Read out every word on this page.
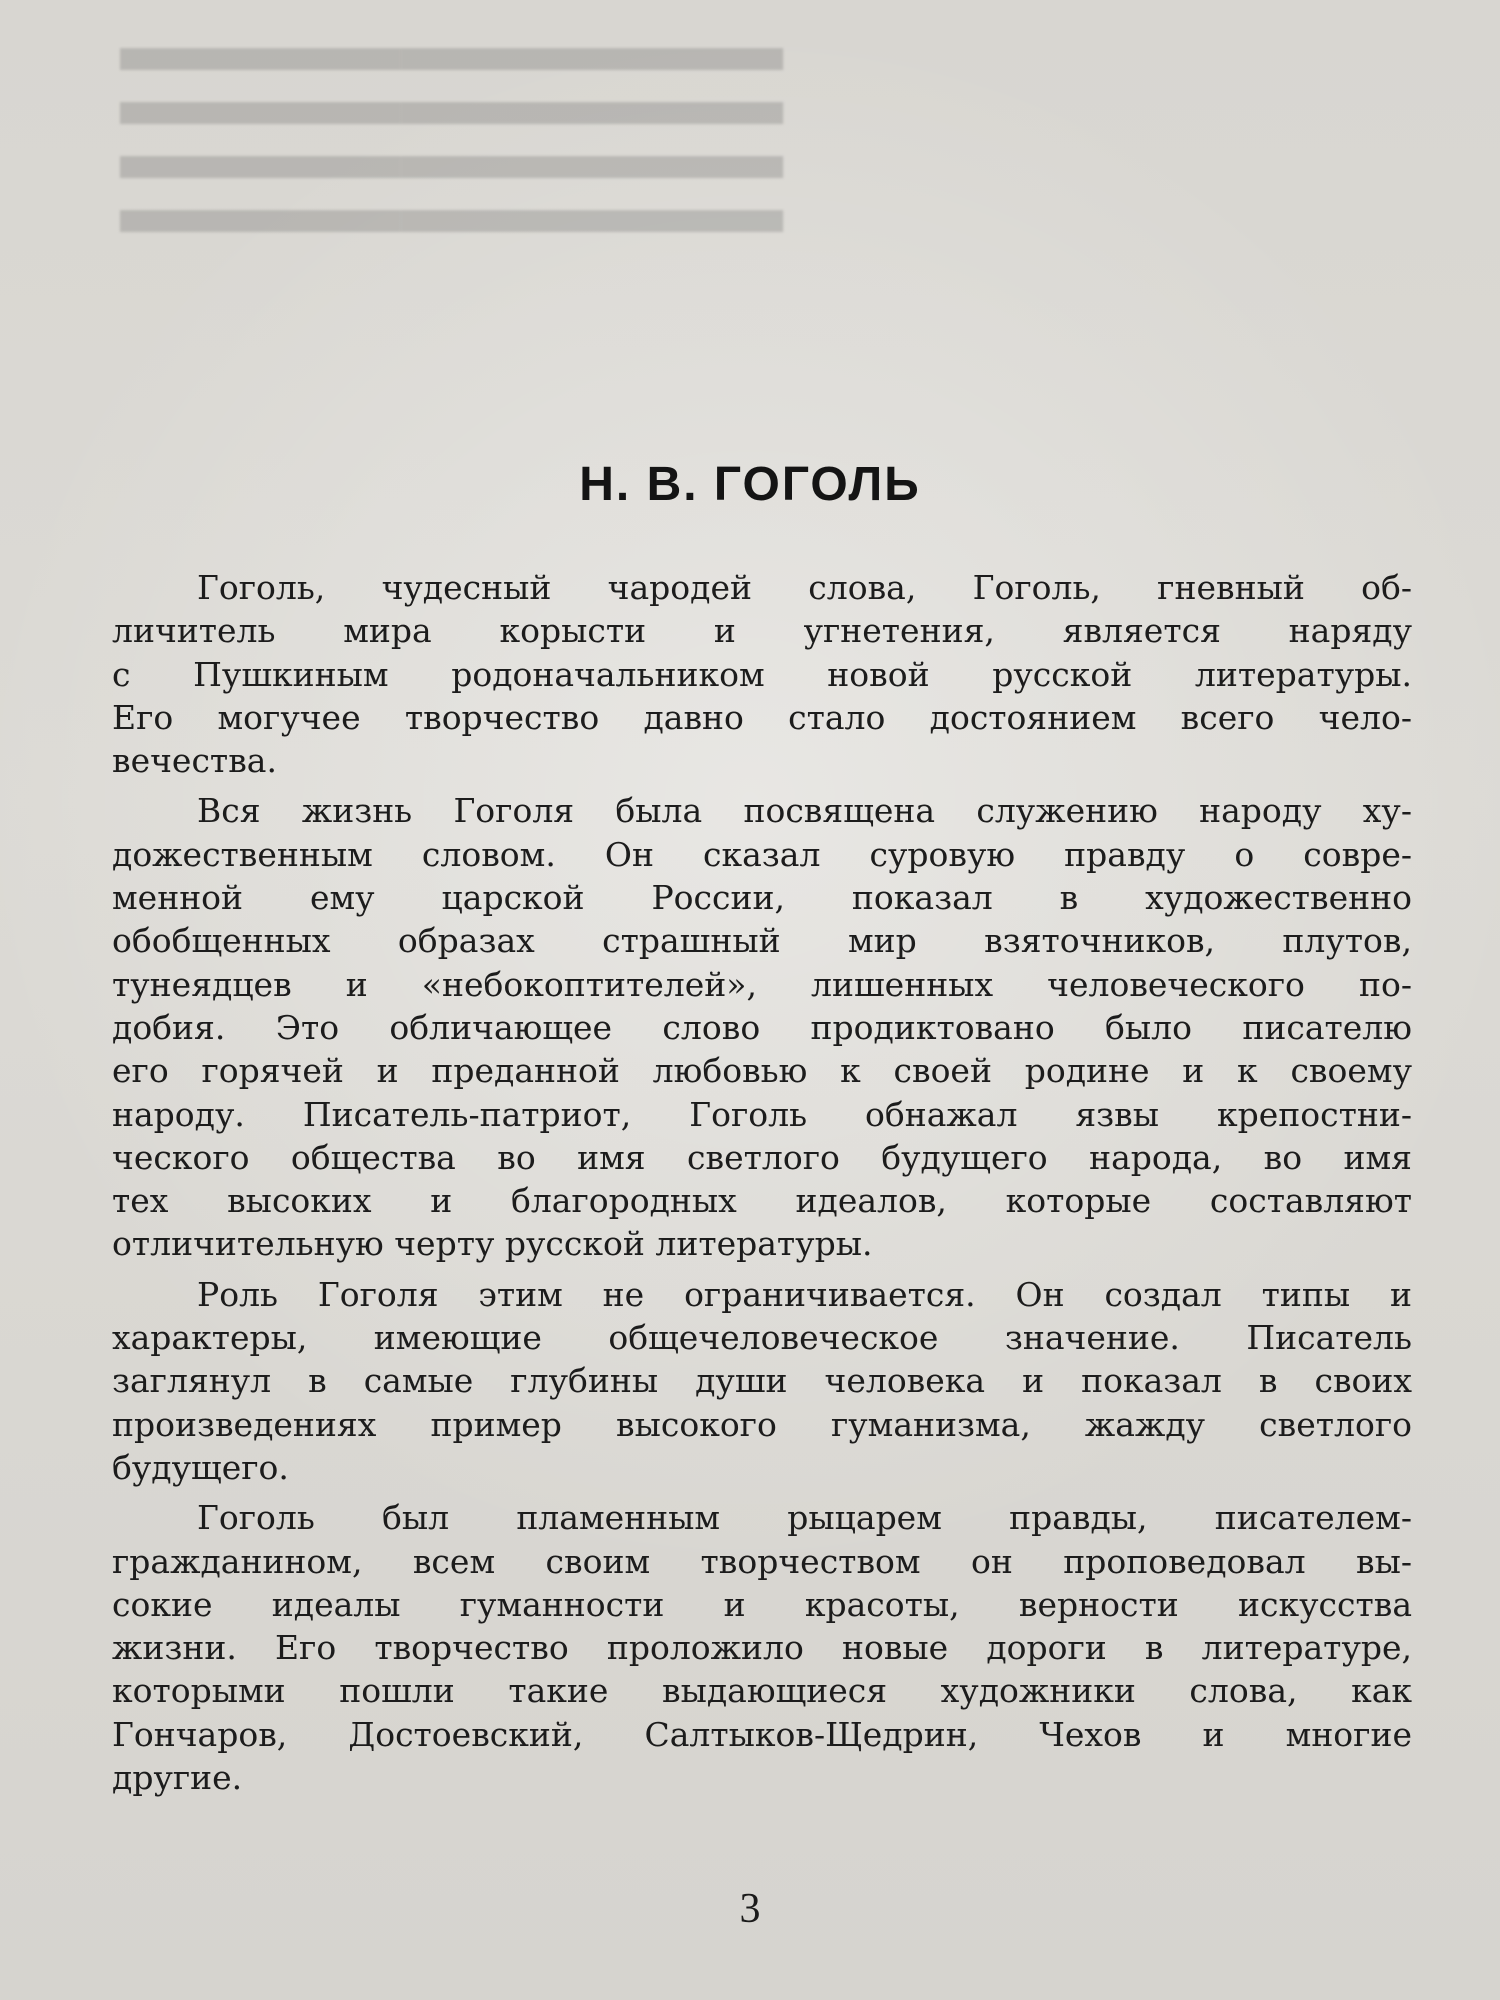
▄▄▄▄▄▄▄▄▄▄▄▄▄▄▄▄▄▄▄▄▄▄▄▄▄▄
▄▄▄▄▄▄▄▄▄▄▄▄▄▄▄▄▄▄▄▄▄▄▄▄▄▄
▄▄▄▄▄▄▄▄▄▄▄▄▄▄▄▄▄▄▄▄▄▄▄▄▄▄
▄▄▄▄▄▄▄▄▄▄▄▄▄▄▄▄▄▄▄▄▄▄▄▄▄▄
Н. В. ГОГОЛЬ

Гоголь, чудесный чародей слова, Гоголь, гневный об-
личитель мира корысти и угнетения, является наряду
с Пушкиным родоначальником новой русской литературы.
Его могучее творчество давно стало достоянием всего чело-
вечества.

Вся жизнь Гоголя была посвящена служению народу ху-
дожественным словом. Он сказал суровую правду о совре-
менной ему царской России, показал в художественно
обобщенных образах страшный мир взяточников, плутов,
тунеядцев и «небокоптителей», лишенных человеческого по-
добия. Это обличающее слово продиктовано было писателю
его горячей и преданной любовью к своей родине и к своему
народу. Писатель-патриот, Гоголь обнажал язвы крепостни-
ческого общества во имя светлого будущего народа, во имя
тех высоких и благородных идеалов, которые составляют
отличительную черту русской литературы.

Роль Гоголя этим не ограничивается. Он создал типы и
характеры, имеющие общечеловеческое значение. Писатель
заглянул в самые глубины души человека и показал в своих
произведениях пример высокого гуманизма, жажду светлого
будущего.

Гоголь был пламенным рыцарем правды, писателем-
гражданином, всем своим творчеством он проповедовал вы-
сокие идеалы гуманности и красоты, верности искусства
жизни. Его творчество проложило новые дороги в литературе,
которыми пошли такие выдающиеся художники слова, как
Гончаров, Достоевский, Салтыков-Щедрин, Чехов и многие
другие.

3
